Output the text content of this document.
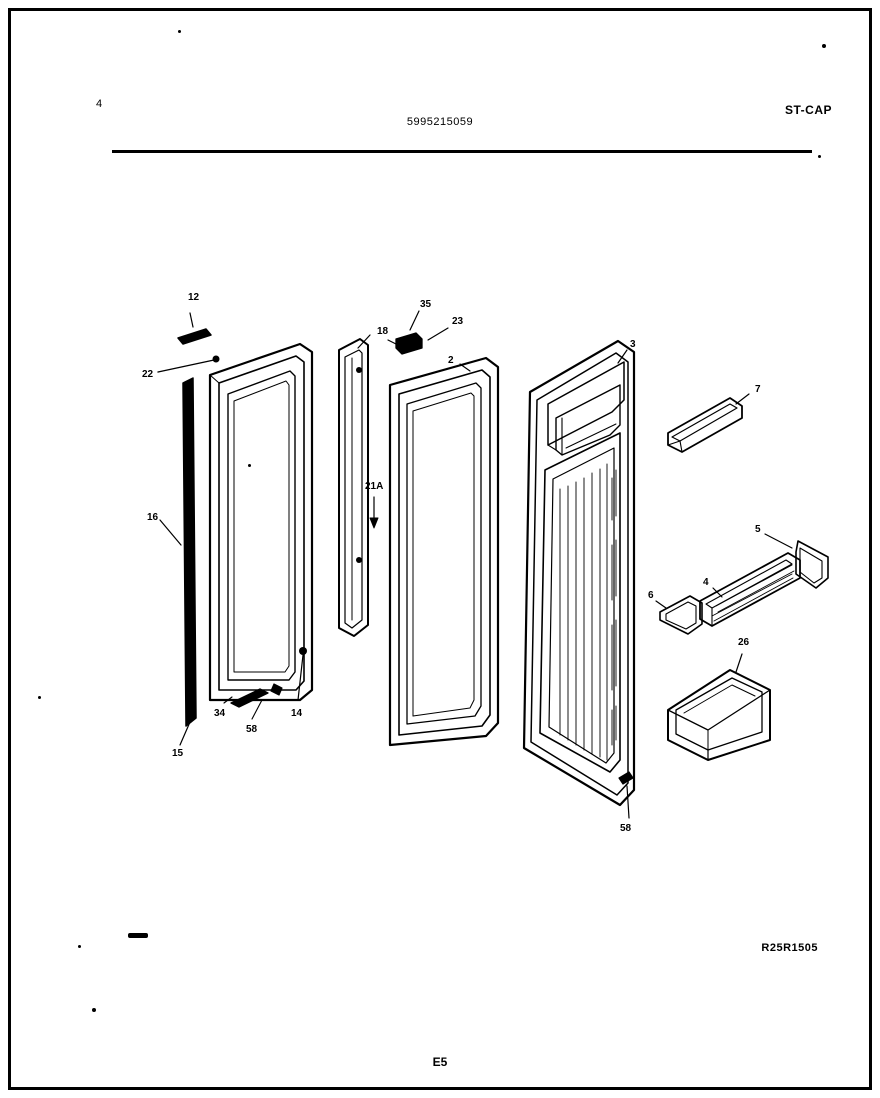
4
5995215059
ST-CAP
12
22
16
15
34
58
14
18
35
23
2
21A
3
7
5
4
6
26
58
R25R1505
E5
